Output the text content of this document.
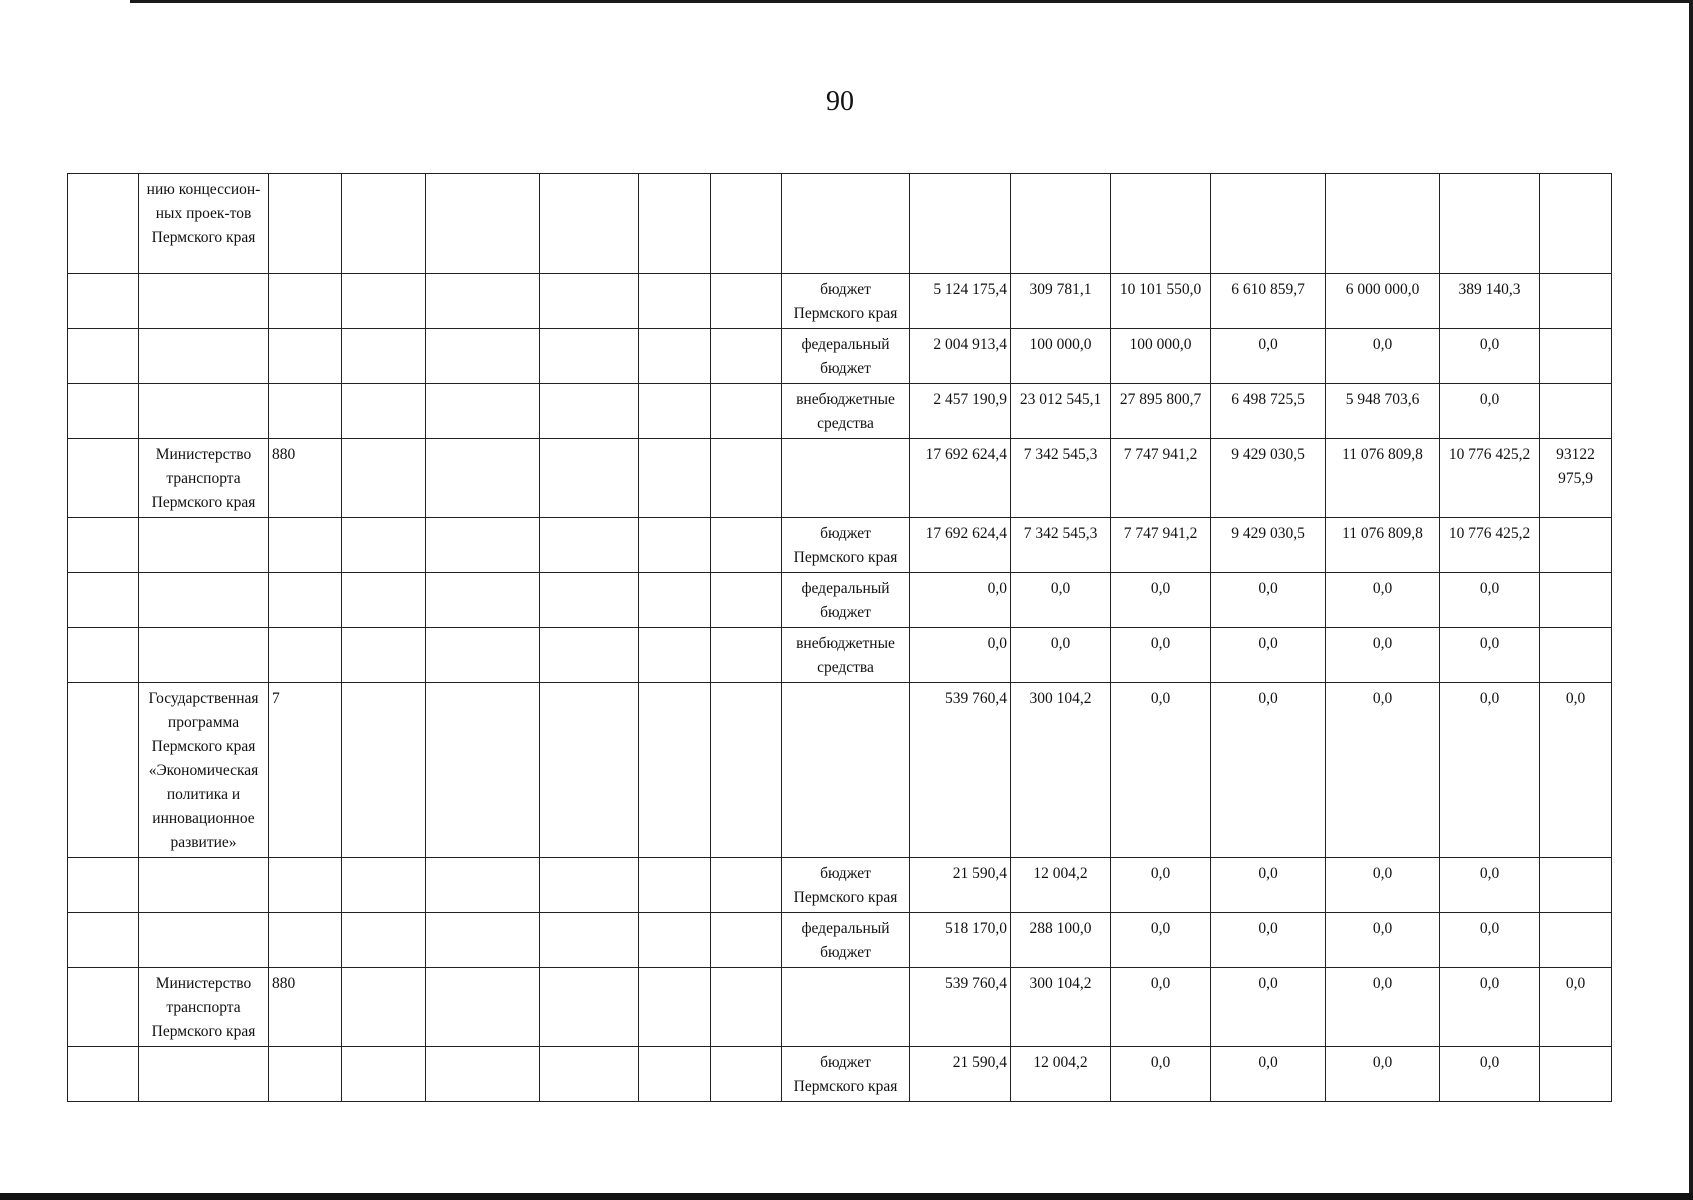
90
	нию концессион-ных проек-тов Пермского края														
								бюджет Пермского края	5 124 175,4	309 781,1	10 101 550,0	6 610 859,7	6 000 000,0	389 140,3	
								федеральный бюджет	2 004 913,4	100 000,0	100 000,0	0,0	0,0	0,0	
								внебюджетные средства	2 457 190,9	23 012 545,1	27 895 800,7	6 498 725,5	5 948 703,6	0,0	
	Министерство транспорта Пермского края	880							17 692 624,4	7 342 545,3	7 747 941,2	9 429 030,5	11 076 809,8	10 776 425,2	93122 975,9
								бюджет Пермского края	17 692 624,4	7 342 545,3	7 747 941,2	9 429 030,5	11 076 809,8	10 776 425,2	
								федеральный бюджет	0,0	0,0	0,0	0,0	0,0	0,0	
								внебюджетные средства	0,0	0,0	0,0	0,0	0,0	0,0	
	Государственная программа Пермского края «Экономическая политика и инновационное развитие»	7							539 760,4	300 104,2	0,0	0,0	0,0	0,0	0,0
								бюджет Пермского края	21 590,4	12 004,2	0,0	0,0	0,0	0,0	
								федеральный бюджет	518 170,0	288 100,0	0,0	0,0	0,0	0,0	
	Министерство транспорта Пермского края	880							539 760,4	300 104,2	0,0	0,0	0,0	0,0	0,0
								бюджет Пермского края	21 590,4	12 004,2	0,0	0,0	0,0	0,0	
